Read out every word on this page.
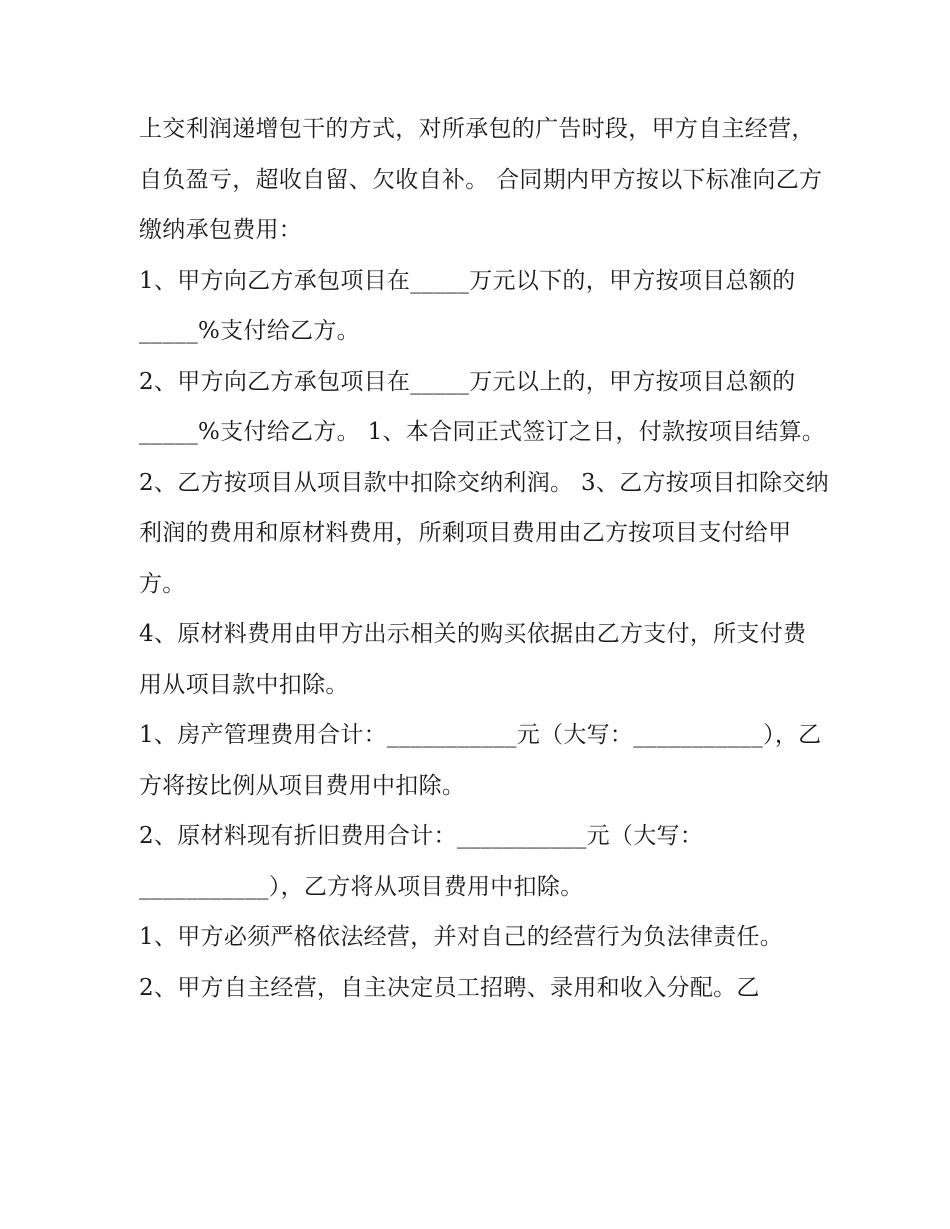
上交利润递增包干的方式，对所承包的广告时段，甲方自主经营，自负盈亏，超收自留、欠收自补。 合同期内甲方按以下标准向乙方缴纳承包费用：

1、甲方向乙方承包项目在_____万元以下的，甲方按项目总额的_____%支付给乙方。

2、甲方向乙方承包项目在_____万元以上的，甲方按项目总额的_____%支付给乙方。 1、本合同正式签订之日，付款按项目结算。

2、乙方按项目从项目款中扣除交纳利润。 3、乙方按项目扣除交纳利润的费用和原材料费用，所剩项目费用由乙方按项目支付给甲方。

4、原材料费用由甲方出示相关的购买依据由乙方支付，所支付费用从项目款中扣除。

1、房产管理费用合计：___________元（大写：___________），乙方将按比例从项目费用中扣除。

2、原材料现有折旧费用合计：___________元（大写：___________），乙方将从项目费用中扣除。

1、甲方必须严格依法经营，并对自己的经营行为负法律责任。

2、甲方自主经营，自主决定员工招聘、录用和收入分配。乙
